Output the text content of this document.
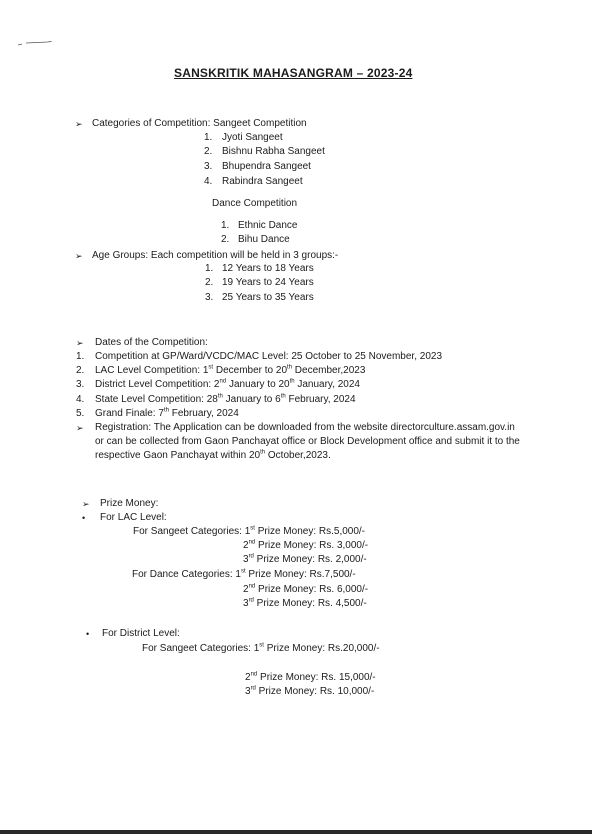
SANSKRITIK MAHASANGRAM – 2023-24
➢ Categories of Competition: Sangeet Competition
1. Jyoti Sangeet
2. Bishnu Rabha Sangeet
3. Bhupendra Sangeet
4. Rabindra Sangeet
Dance Competition
1. Ethnic Dance
2. Bihu Dance
➢ Age Groups: Each competition will be held in 3 groups:-
1. 12 Years to 18 Years
2. 19 Years to 24 Years
3. 25 Years to 35 Years
➢ Dates of the Competition:
1. Competition at GP/Ward/VCDC/MAC Level: 25 October to 25 November, 2023
2. LAC Level Competition: 1st December to 20th December,2023
3. District Level Competition: 2nd January to 20th January, 2024
4. State Level Competition: 28th January to 6th February, 2024
5. Grand Finale: 7th February, 2024
➢ Registration: The Application can be downloaded from the website directorculture.assam.gov.in
or can be collected from Gaon Panchayat office or Block Development office and submit it to the
respective Gaon Panchayat within 20th October,2023.
➢ Prize Money:
• For LAC Level:
For Sangeet Categories: 1st Prize Money: Rs.5,000/-
2nd Prize Money: Rs. 3,000/-
3rd Prize Money: Rs. 2,000/-
For Dance Categories: 1st Prize Money: Rs.7,500/-
2nd Prize Money: Rs. 6,000/-
3rd Prize Money: Rs. 4,500/-
• For District Level:
For Sangeet Categories: 1st Prize Money: Rs.20,000/-
2nd Prize Money: Rs. 15,000/-
3rd Prize Money: Rs. 10,000/-
